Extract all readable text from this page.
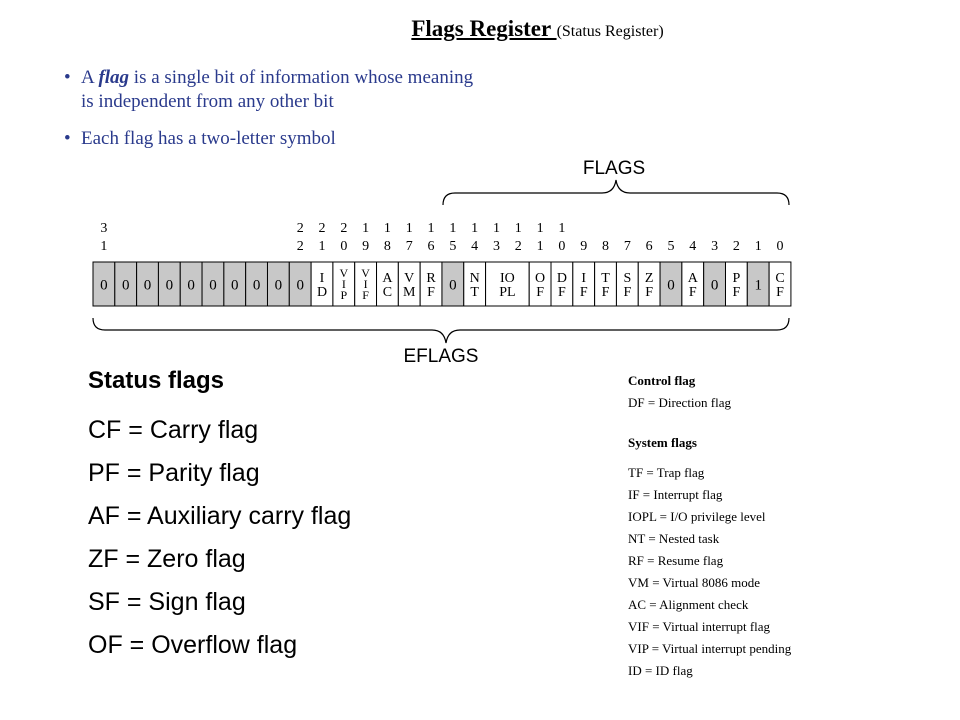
Flags Register (Status Register)
• A flag is a single bit of information whose meaning
is independent from any other bit
• Each flag has a two-letter symbol
FLAGS
3
1
2
2
2
1
2
0
1
9
1
8
1
7
1
6
1
5
1
4
1
3
1
2
1
1
1
0 9 8 7 6 5 4 3 2 1 0
0 0 0 0 0 0 0 0 0 0 I
D
V
I
P
V
I
F
A
C
V
M
R
F 0 N
T
IO
PL
O
F
D
F
I
F
T
F
S
F
Z
F 0 A
F 0 P
F 1 C
F
EFLAGS
Status flags
CF = Carry flag
PF = Parity flag
AF = Auxiliary carry flag
ZF = Zero flag
SF = Sign flag
OF = Overflow flag
Control flag
DF = Direction flag
System flags
TF = Trap flag
IF = Interrupt flag
IOPL = I/O privilege level
NT = Nested task
RF = Resume flag
VM = Virtual 8086 mode
AC = Alignment check
VIF = Virtual interrupt flag
VIP = Virtual interrupt pending
ID = ID flag
